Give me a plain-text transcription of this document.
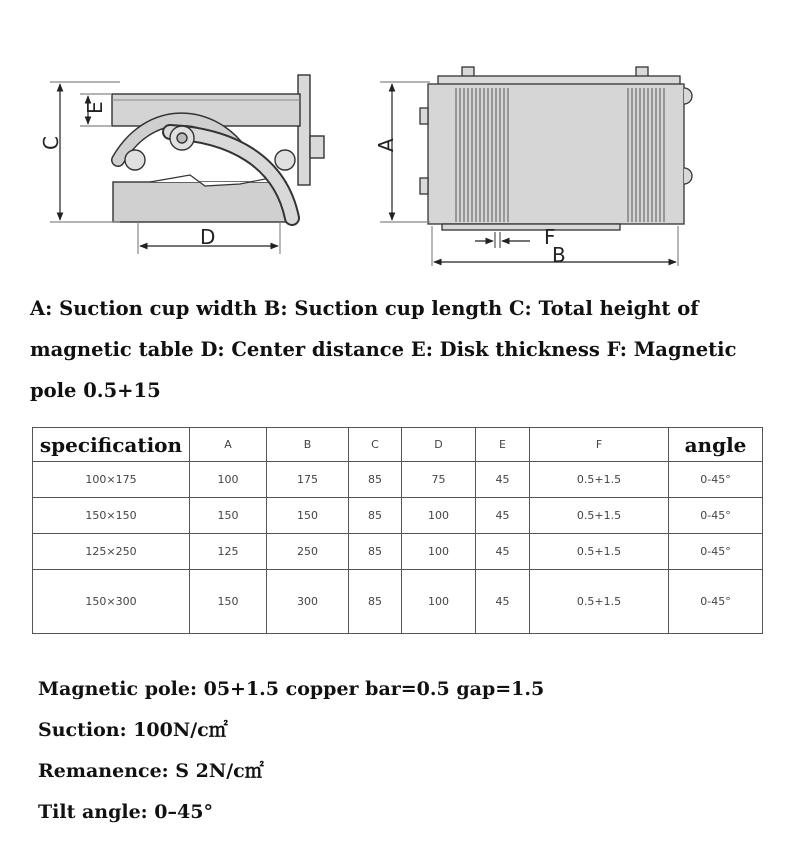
C
E
D
A
F
B
A: Suction cup width B: Suction cup length C: Total height of magnetic table D: Center distance E: Disk thickness F: Magnetic pole 0.5+15
specification	A	B	C	D	E	F	angle
100×175	100	175	85	75	45	0.5+1.5	0-45°
150×150	150	150	85	100	45	0.5+1.5	0-45°
125×250	125	250	85	100	45	0.5+1.5	0-45°
150×300	150	300	85	100	45	0.5+1.5	0-45°
Magnetic pole: 05+1.5 copper bar=0.5 gap=1.5
Suction: 100N/c㎡
Remanence: S 2N/c㎡
Tilt angle: 0–45°
